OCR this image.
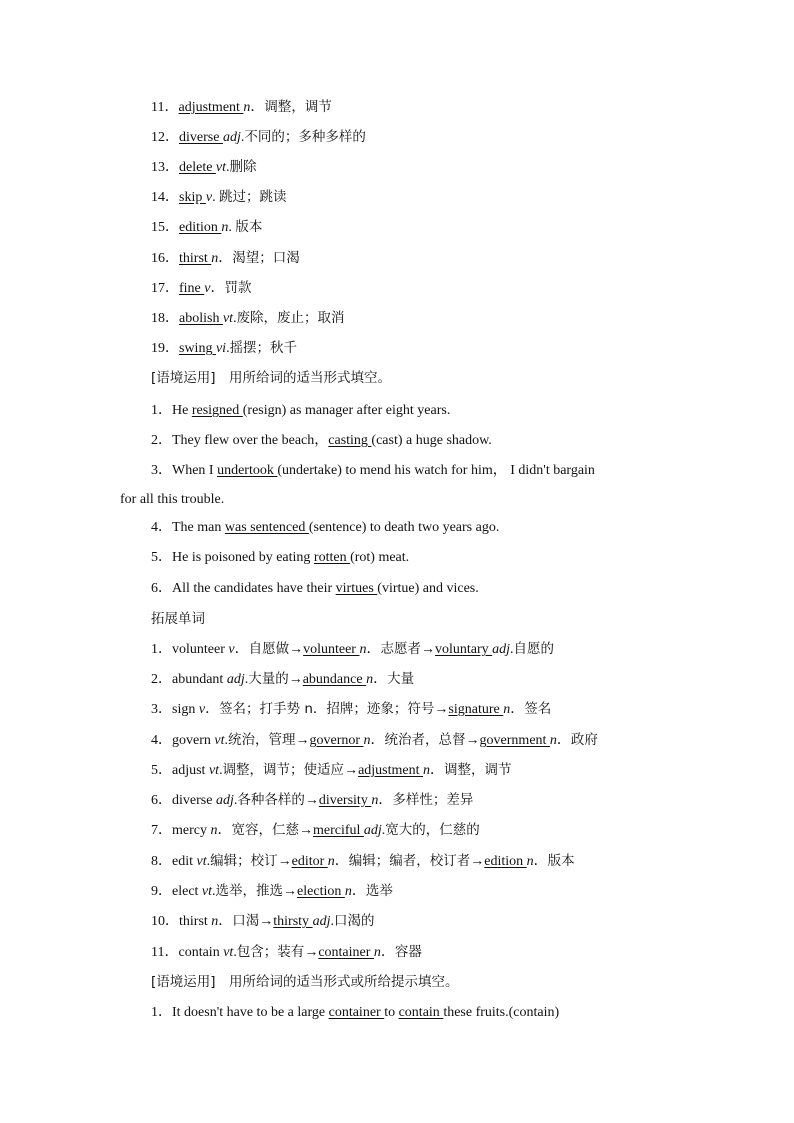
11．adjustment n．调整，调节
12．diverse adj.不同的；多种多样的
13．delete vt.删除
14．skip v. 跳过；跳读
15．edition n. 版本
16．thirst n．渴望；口渴
17．fine v．罚款
18．abolish vt.废除，废止；取消
19．swing vi.摇摆；秋千
[语境运用]　用所给词的适当形式填空。
1．He resigned (resign) as manager after eight years.
2．They flew over the beach，casting (cast) a huge shadow.
3．When I undertook (undertake) to mend his watch for him， I didn't bargain
4．The man was sentenced (sentence) to death two years ago.
5．He is poisoned by eating rotten (rot) meat.
6．All the candidates have their virtues (virtue) and vices.
for all this trouble.
拓展单词
1．volunteer v．自愿做→volunteer n．志愿者→voluntary adj.自愿的
2．abundant adj.大量的→abundance n．大量
3．sign v．签名；打手势 n．招牌；迹象；符号→signature n．签名
4．govern vt.统治，管理→governor n．统治者，总督→government n．政府
5．adjust vt.调整，调节；使适应→adjustment n．调整，调节
6．diverse adj.各种各样的→diversity n．多样性；差异
7．mercy n．宽容，仁慈→merciful adj.宽大的，仁慈的
8．edit vt.编辑；校订→editor n．编辑；编者，校订者→edition n．版本
9．elect vt.选举，推选→election n．选举
10．thirst n．口渴→thirsty adj.口渴的
11．contain vt.包含；装有→container n．容器
[语境运用]　用所给词的适当形式或所给提示填空。
1．It doesn't have to be a large container to contain these fruits.(contain)
